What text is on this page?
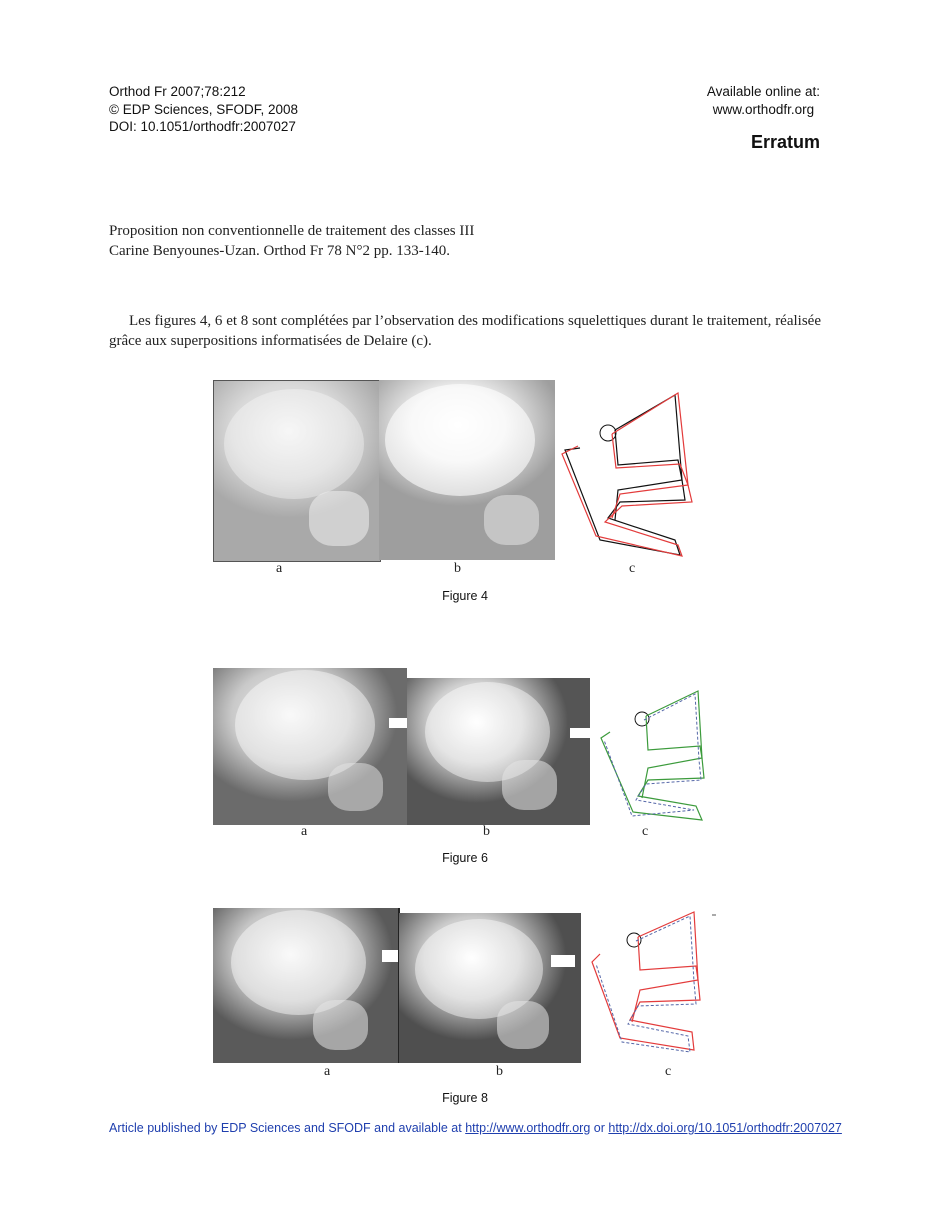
Orthod Fr 2007;78:212
© EDP Sciences, SFODF, 2008
DOI: 10.1051/orthodfr:2007027
Available online at:
www.orthodfr.org
Erratum
Proposition non conventionnelle de traitement des classes III
Carine Benyounes-Uzan. Orthod Fr 78 N°2 pp. 133-140.
Les figures 4, 6 et 8 sont complétées par l’observation des modifications squelettiques durant le traitement, réalisée grâce aux superpositions informatisées de Delaire (c).
a	b	c
Figure 4
a	b	c
Figure 6
a	b	c
Figure 8
Article published by EDP Sciences and SFODF and available at http://www.orthodfr.org or http://dx.doi.org/10.1051/orthodfr:2007027
